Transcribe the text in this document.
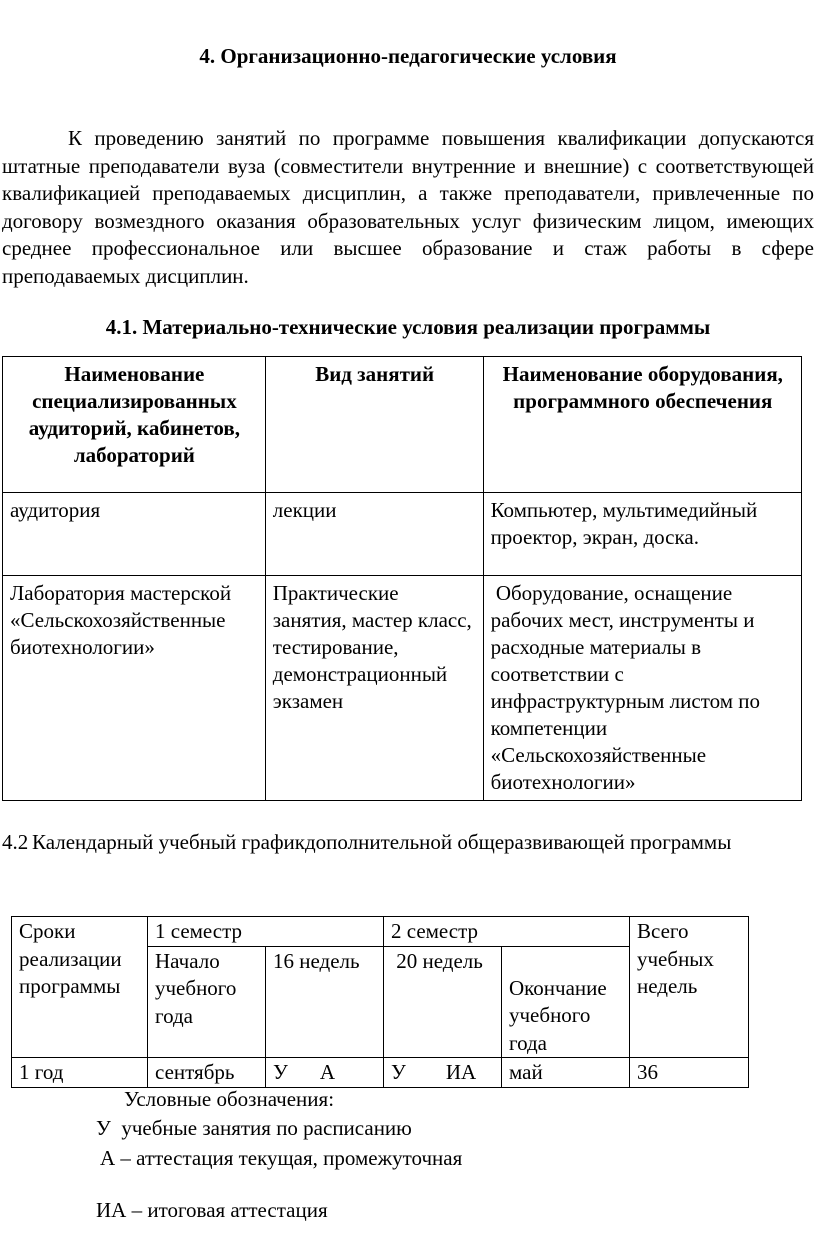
4. Организационно-педагогические условия
К проведению занятий по программе повышения квалификации допускаются штатные преподаватели вуза (совместители внутренние и внешние) с соответствующей квалификацией преподаваемых дисциплин, а также преподаватели, привлеченные по договору возмездного оказания образовательных услуг физическим лицом, имеющих среднее профессиональное или высшее образование и стаж работы в сфере преподаваемых дисциплин.
4.1. Материально-технические условия реализации программы
Наименование специализированных аудиторий, кабинетов, лабораторий	Вид занятий	Наименование оборудования, программного обеспечения
аудитория	лекции	Компьютер, мультимедийный проектор, экран, доска.
Лаборатория мастерской «Сельскохозяйственные биотехнологии»	Практические занятия, мастер класс, тестирование, демонстрационный экзамен	Оборудование, оснащение рабочих мест, инструменты и расходные материалы в соответствии с инфраструктурным листом по компетенции «Сельскохозяйственные биотехнологии»
4.2 Календарный учебный графикдополнительной общеразвивающей программы
Сроки реализации программы	1 семестр		2 семестр		Всего учебных недель
	Начало учебного года	16 недель	20 недель	Окончание учебного года	
1 год	сентябрь	У А	У ИА	май	36
Условные обозначения:
У  учебные занятия по расписанию
А – аттестация текущая, промежуточная
ИА – итоговая аттестация
